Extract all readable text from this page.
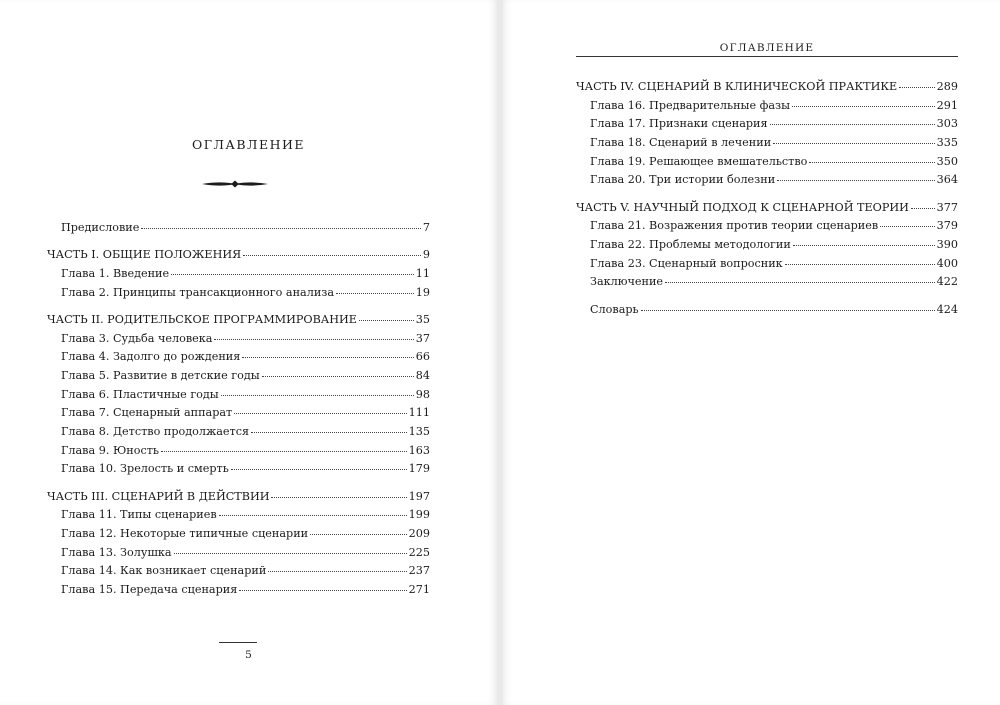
ОГЛАВЛЕНИЕ
Предисловие	7
ЧАСТЬ I. ОБЩИЕ ПОЛОЖЕНИЯ	9
Глава 1. Введение	11
Глава 2. Принципы трансакционного анализа	19
ЧАСТЬ II. РОДИТЕЛЬСКОЕ ПРОГРАММИРОВАНИЕ	35
Глава 3. Судьба человека	37
Глава 4. Задолго до рождения	66
Глава 5. Развитие в детские годы	84
Глава 6. Пластичные годы	98
Глава 7. Сценарный аппарат	111
Глава 8. Детство продолжается	135
Глава 9. Юность	163
Глава 10. Зрелость и смерть	179
ЧАСТЬ III. СЦЕНАРИЙ В ДЕЙСТВИИ	197
Глава 11. Типы сценариев	199
Глава 12. Некоторые типичные сценарии	209
Глава 13. Золушка	225
Глава 14. Как возникает сценарий	237
Глава 15. Передача сценария	271
5
ОГЛАВЛЕНИЕ
ЧАСТЬ IV. СЦЕНАРИЙ В КЛИНИЧЕСКОЙ ПРАКТИКЕ	289
Глава 16. Предварительные фазы	291
Глава 17. Признаки сценария	303
Глава 18. Сценарий в лечении	335
Глава 19. Решающее вмешательство	350
Глава 20. Три истории болезни	364
ЧАСТЬ V. НАУЧНЫЙ ПОДХОД К СЦЕНАРНОЙ ТЕОРИИ 377
Глава 21. Возражения против теории сценариев	379
Глава 22. Проблемы методологии	390
Глава 23. Сценарный вопросник	400
Заключение	422
Словарь	424
